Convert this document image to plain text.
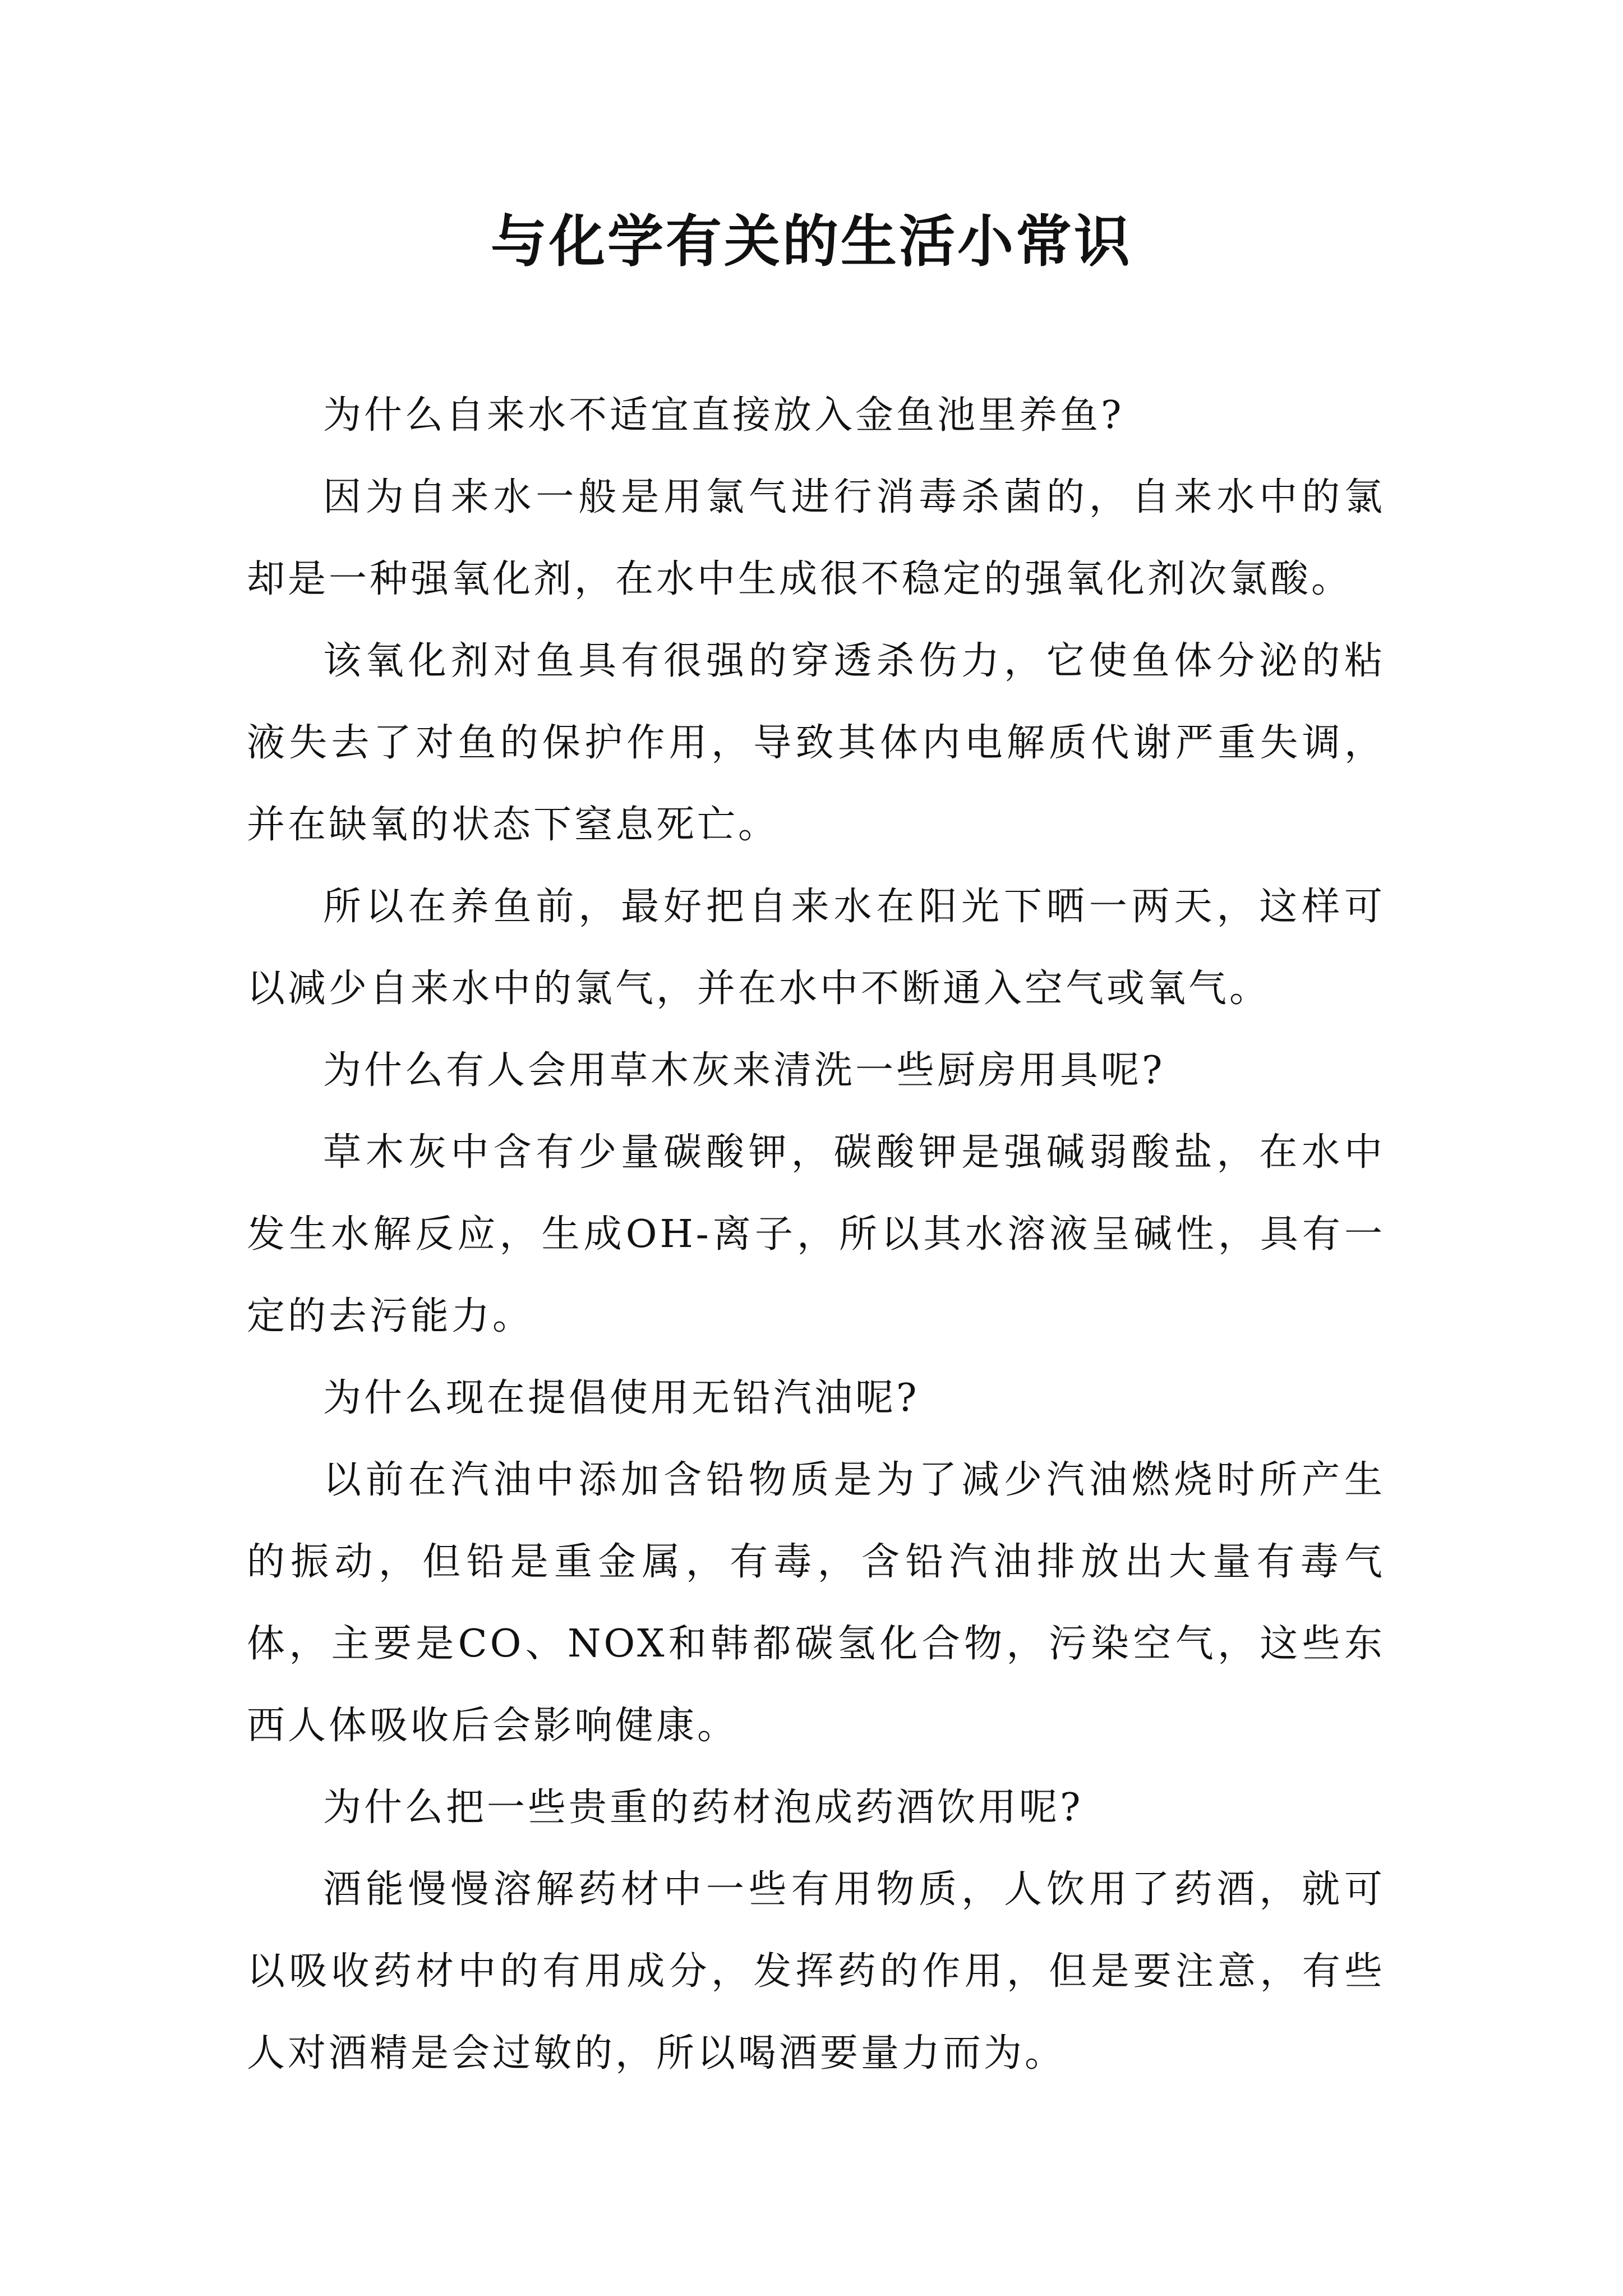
与化学有关的生活小常识

为什么自来水不适宜直接放入金鱼池里养鱼?

因为自来水一般是用氯气进行消毒杀菌的，自来水中的氯却是一种强氧化剂，在水中生成很不稳定的强氧化剂次氯酸。

该氧化剂对鱼具有很强的穿透杀伤力，它使鱼体分泌的粘液失去了对鱼的保护作用，导致其体内电解质代谢严重失调，并在缺氧的状态下窒息死亡。

所以在养鱼前，最好把自来水在阳光下晒一两天，这样可以减少自来水中的氯气，并在水中不断通入空气或氧气。

为什么有人会用草木灰来清洗一些厨房用具呢?

草木灰中含有少量碳酸钾，碳酸钾是强碱弱酸盐，在水中发生水解反应，生成OH-离子，所以其水溶液呈碱性，具有一定的去污能力。

为什么现在提倡使用无铅汽油呢?

以前在汽油中添加含铅物质是为了减少汽油燃烧时所产生的振动，但铅是重金属，有毒，含铅汽油排放出大量有毒气体，主要是CO、NOX和韩都碳氢化合物，污染空气，这些东西人体吸收后会影响健康。

为什么把一些贵重的药材泡成药酒饮用呢?

酒能慢慢溶解药材中一些有用物质，人饮用了药酒，就可以吸收药材中的有用成分，发挥药的作用，但是要注意，有些人对酒精是会过敏的，所以喝酒要量力而为。
